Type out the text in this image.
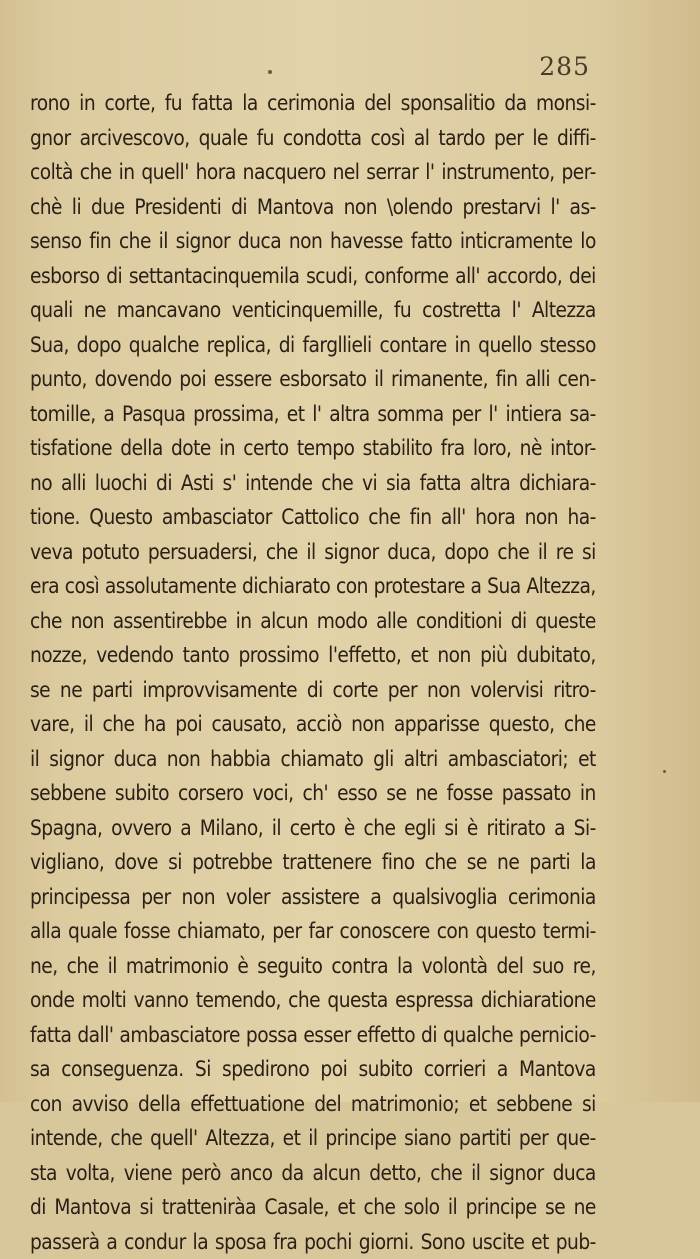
285
rono in corte, fu fatta la cerimonia del sponsalitio da monsi-
gnor arcivescovo, quale fu condotta così al tardo per le diffi-
coltà che in quell' hora nacquero nel serrar l' instrumento, per-
chè li due Presidenti di Mantova non \olendo prestarvi l' as-
senso fin che il signor duca non havesse fatto inticramente lo
esborso di settantacinquemila scudi, conforme all' accordo, dei
quali ne mancavano venticinquemille, fu costretta l' Altezza
Sua, dopo qualche replica, di fargllieli contare in quello stesso
punto, dovendo poi essere esborsato il rimanente, fin alli cen-
tomille, a Pasqua prossima, et l' altra somma per l' intiera sa-
tisfatione della dote in certo tempo stabilito fra loro, nè intor-
no alli luochi di Asti s' intende che vi sia fatta altra dichiara-
tione. Questo ambasciator Cattolico che fin all' hora non ha-
veva potuto persuadersi, che il signor duca, dopo che il re si
era così assolutamente dichiarato con protestare a Sua Altezza,
che non assentirebbe in alcun modo alle conditioni di queste
nozze, vedendo tanto prossimo l'effetto, et non più dubitato,
se ne parti improvvisamente di corte per non volervisi ritro-
vare, il che ha poi causato, acciò non apparisse questo, che
il signor duca non habbia chiamato gli altri ambasciatori; et
sebbene subito corsero voci, ch' esso se ne fosse passato in
Spagna, ovvero a Milano, il certo è che egli si è ritirato a Si-
vigliano, dove si potrebbe trattenere fino che se ne parti la
principessa per non voler assistere a qualsivoglia cerimonia
alla quale fosse chiamato, per far conoscere con questo termi-
ne, che il matrimonio è seguito contra la volontà del suo re,
onde molti vanno temendo, che questa espressa dichiaratione
fatta dall' ambasciatore possa esser effetto di qualche pernicio-
sa conseguenza. Si spedirono poi subito corrieri a Mantova
con avviso della effettuatione del matrimonio; et sebbene si
intende, che quell' Altezza, et il principe siano partiti per que-
sta volta, viene però anco da alcun detto, che il signor duca
di Mantova si tratteniràa Casale, et che solo il principe se ne
passerà a condur la sposa fra pochi giorni. Sono uscite et pub-
